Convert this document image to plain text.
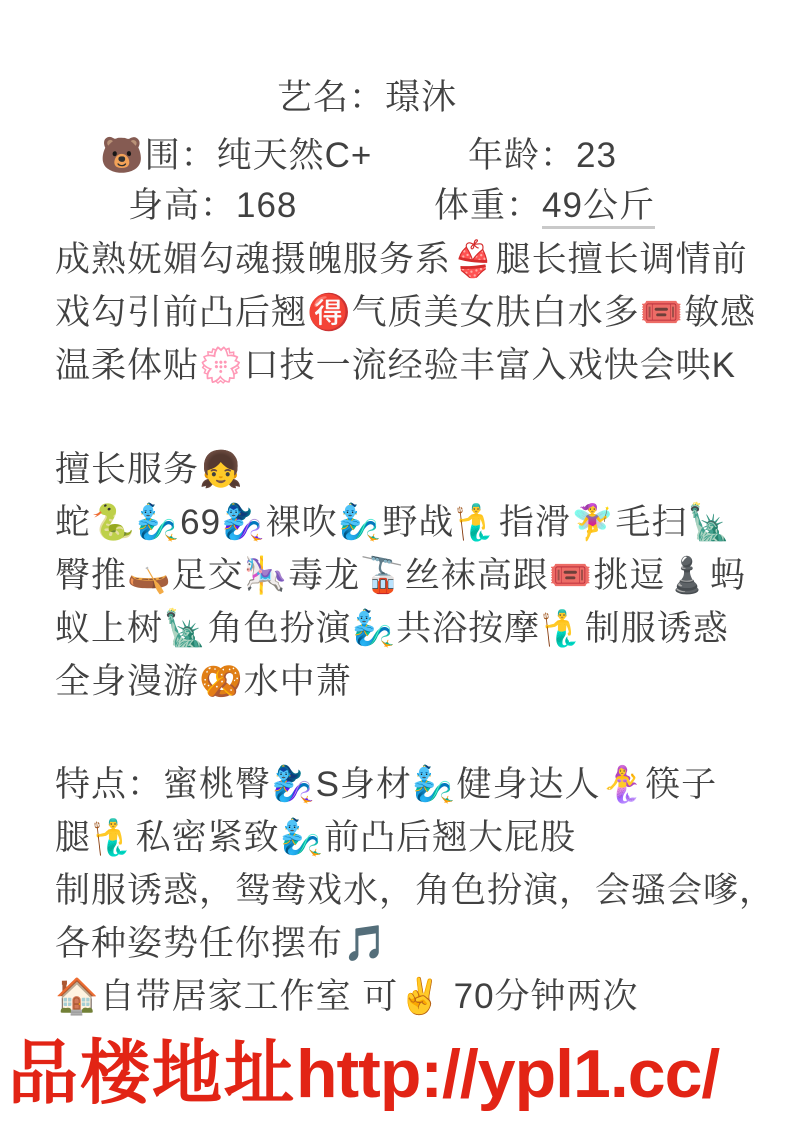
艺名：璟沐
🐻围：纯天然C+	年龄：23
身高：168	体重：49公斤
成熟妩媚勾魂摄魄服务系👙腿长擅长调情前
戏勾引前凸后翘🉐气质美女肤白水多🎟️敏感
温柔体贴💮口技一流经验丰富入戏快会哄K
擅长服务👧
蛇🐍🧞‍♂️69🧞‍♀️裸吹🧞‍♂️野战🧜‍♂️指滑🧚‍♀️毛扫🗽
臀推🛶足交🎠毒龙🚡丝袜高跟🎟️挑逗♟️蚂
蚁上树🗽角色扮演🧞‍♂️共浴按摩🧜‍♂️制服诱惑
全身漫游🥨水中萧
特点：蜜桃臀🧞‍♀️S身材🧞‍♂️健身达人🧜‍♀️筷子
腿🧜‍♂️私密紧致🧞‍♂️前凸后翘大屁股
制服诱惑，鸳鸯戏水，角色扮演，会骚会嗲，
各种姿势任你摆布🎵
🏠自带居家工作室 可✌️ 70分钟两次
品楼地址http://ypl1.cc/
